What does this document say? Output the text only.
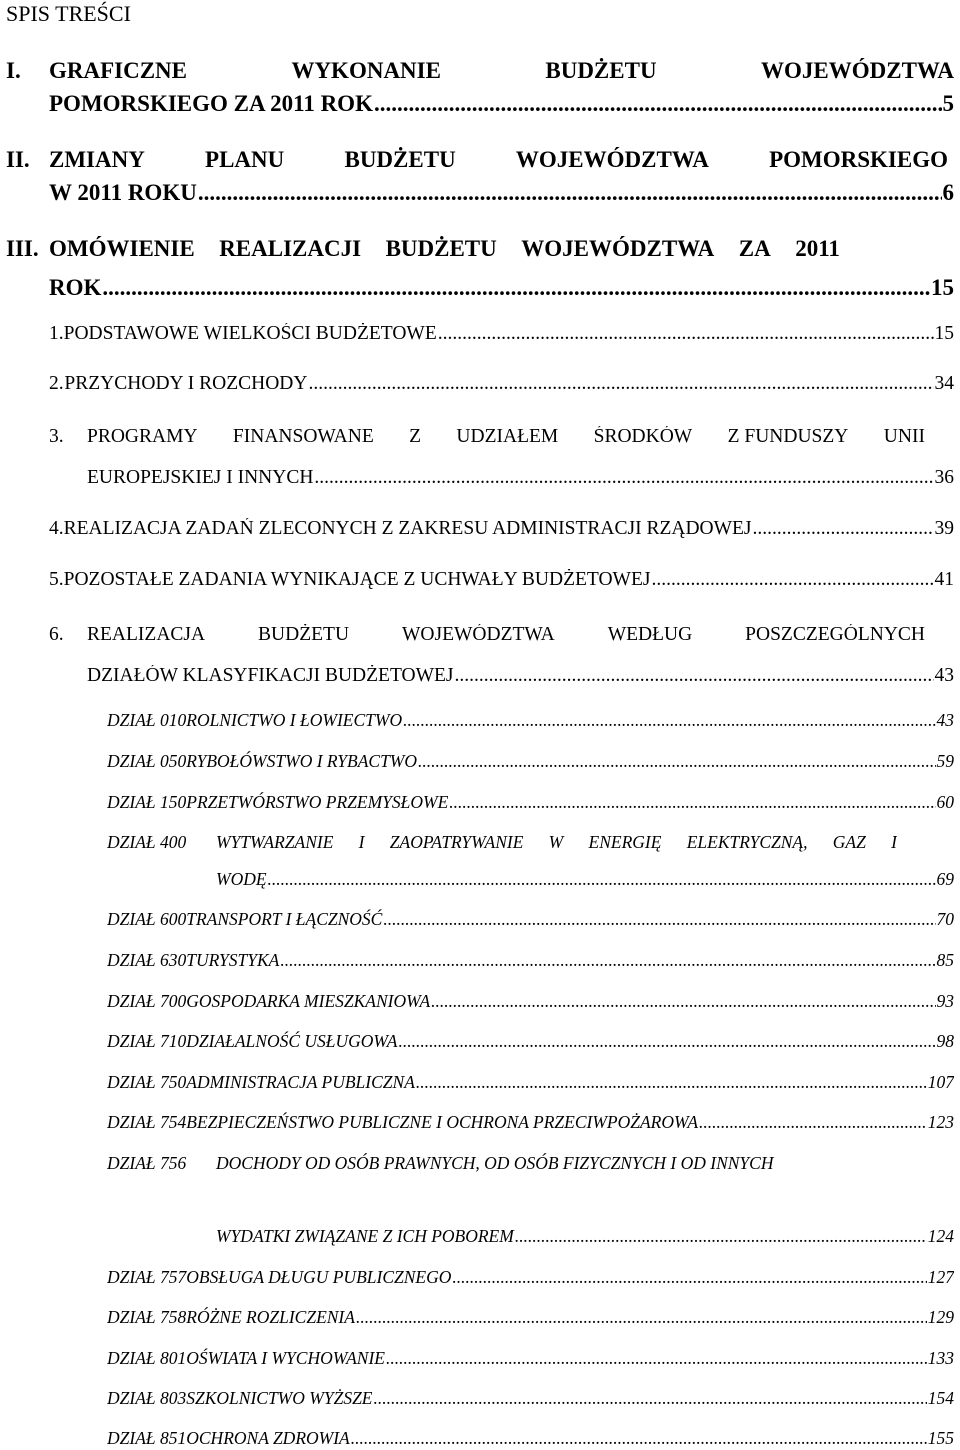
SPIS TREŚCI
I.	GRAFICZNE	WYKONANIE	BUDŻETU	WOJEWÓDZTWA
POMORSKIEGO ZA 2011 ROK .....	5
II. ZMIANY	PLANU	BUDŻETU	WOJEWÓDZTWA	POMORSKIEGO
W 2011 ROKU .....	6
III. OMÓWIENIE REALIZACJI BUDŻETU WOJEWÓDZTWA ZA 2011
ROK .....	15
1. PODSTAWOWE WIELKOŚCI BUDŻETOWE .....	15
2. PRZYCHODY I ROZCHODY .....	34
3.	PROGRAMY FINANSOWANE Z UDZIAŁEM ŚRODKÓW Z FUNDUSZY UNII
EUROPEJSKIEJ I INNYCH .....	36
4. REALIZACJA ZADAŃ ZLECONYCH Z ZAKRESU ADMINISTRACJI RZĄDOWEJ .....	39
5. POZOSTAŁE ZADANIA WYNIKAJĄCE Z UCHWAŁY BUDŻETOWEJ .....	41
6.	REALIZACJA	BUDŻETU	WOJEWÓDZTWA	WEDŁUG	POSZCZEGÓLNYCH
DZIAŁÓW KLASYFIKACJI BUDŻETOWEJ .....	43
DZIAŁ 010 ROLNICTWO I ŁOWIECTWO .....	43
DZIAŁ 050 RYBOŁÓWSTWO I RYBACTWO .....	59
DZIAŁ 150 PRZETWÓRSTWO PRZEMYSŁOWE .....	60
DZIAŁ 400	WYTWARZANIE I ZAOPATRYWANIE W ENERGIĘ ELEKTRYCZNĄ, GAZ I
WODĘ .....	69
DZIAŁ 600 TRANSPORT I ŁĄCZNOŚĆ .....	70
DZIAŁ 630 TURYSTYKA .....	85
DZIAŁ 700 GOSPODARKA MIESZKANIOWA .....	93
DZIAŁ 710 DZIAŁALNOŚĆ USŁUGOWA .....	98
DZIAŁ 750 ADMINISTRACJA PUBLICZNA .....	107
DZIAŁ 754 BEZPIECZEŃSTWO PUBLICZNE I OCHRONA PRZECIWPOŻAROWA .....	123
DZIAŁ 756	DOCHODY OD OSÓB PRAWNYCH, OD OSÓB FIZYCZNYCH I OD INNYCH
WYDATKI ZWIĄZANE Z ICH POBOREM .....	124
DZIAŁ 757 OBSŁUGA DŁUGU PUBLICZNEGO .....	127
DZIAŁ 758 RÓŻNE ROZLICZENIA .....	129
DZIAŁ 801 OŚWIATA I WYCHOWANIE .....	133
DZIAŁ 803 SZKOLNICTWO WYŻSZE .....	154
DZIAŁ 851 OCHRONA ZDROWIA .....	155
